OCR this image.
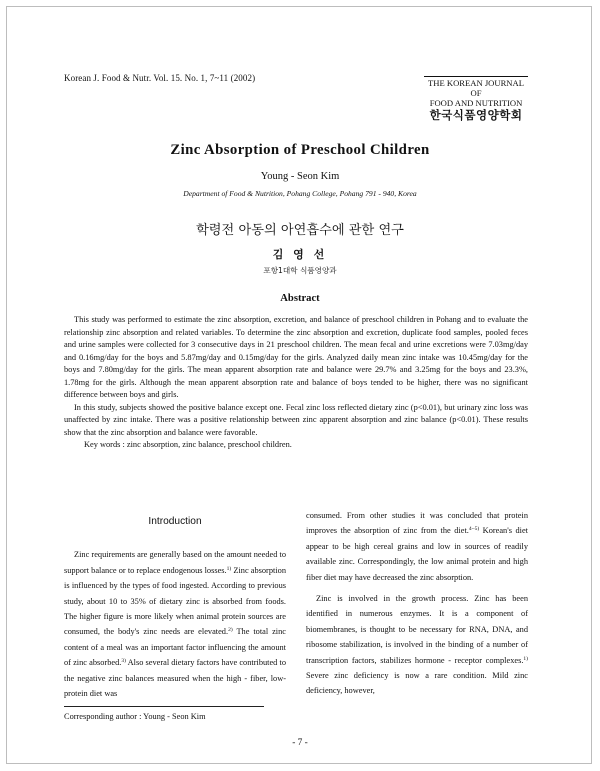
Korean J. Food & Nutr. Vol. 15. No. 1, 7~11 (2002)	THE KOREAN JOURNAL OF
FOOD AND NUTRITION
한국식품영양학회
Zinc Absorption of Preschool Children
Young - Seon Kim
Department of Food & Nutrition, Pohang College, Pohang 791 - 940, Korea
학령전 아동의 아연흡수에 관한 연구
김 영 선
포항1대학 식품영양과
Abstract

This study was performed to estimate the zinc absorption, excretion, and balance of preschool children in Pohang and to evaluate the relationship zinc absorption and related variables. To determine the zinc absorption and excretion, duplicate food samples, pooled feces and urine samples were collected for 3 consecutive days in 21 preschool children. The mean fecal and urine excretions were 7.03mg/day and 0.16mg/day for the boys and 5.87mg/day and 0.15mg/day for the girls. Analyzed daily mean zinc intake was 10.45mg/day for the boys and 7.80mg/day for the girls. The mean apparent absorption rate and balance were 29.7% and 3.25mg for the boys and 23.3%, 1.78mg for the girls. Although the mean apparent absorption rate and balance of boys tended to be higher, there was no significant difference between boys and girls.

In this study, subjects showed the positive balance except one. Fecal zinc loss reflected dietary zinc (p<0.01), but urinary zinc loss was unaffected by zinc intake. There was a positive relationship between zinc apparent absorption and zinc balance (p<0.01). These results show that the zinc absorption and balance were favorable.

Key words : zinc absorption, zinc balance, preschool children.

Introduction

Zinc requirements are generally based on the amount needed to support balance or to replace endogenous losses.$^{1)}$ Zinc absorption is influenced by the types of food ingested. According to previous study, about 10 to 35% of dietary zinc is absorbed from foods. The higher figure is more likely when animal protein sources are consumed, the body's zinc needs are elevated.$^{2)}$ The total zinc content of a meal was an important factor influencing the amount of zinc absorbed.$^{3)}$ Also several dietary factors have contributed to the negative zinc balances measured when the high - fiber, low-protein diet was

consumed. From other studies it was concluded that protein improves the absorption of zinc from the diet.$^{4\sim 5)}$ Korean's diet appear to be high cereal grains and low in sources of readily available zinc. Correspondingly, the low animal protein and high fiber diet may have decreased the zinc absorption.

Zinc is involved in the growth process. Zinc has been identified in numerous enzymes. It is a component of biomembranes, is thought to be necessary for RNA, DNA, and ribosome stabilization, is involved in the binding of a number of transcription factors, stabilizes hormone - receptor complexes.$^{1)}$ Severe zinc deficiency is now a rare condition. Mild zinc deficiency, however,

Corresponding author : Young - Seon Kim
- 7 -
